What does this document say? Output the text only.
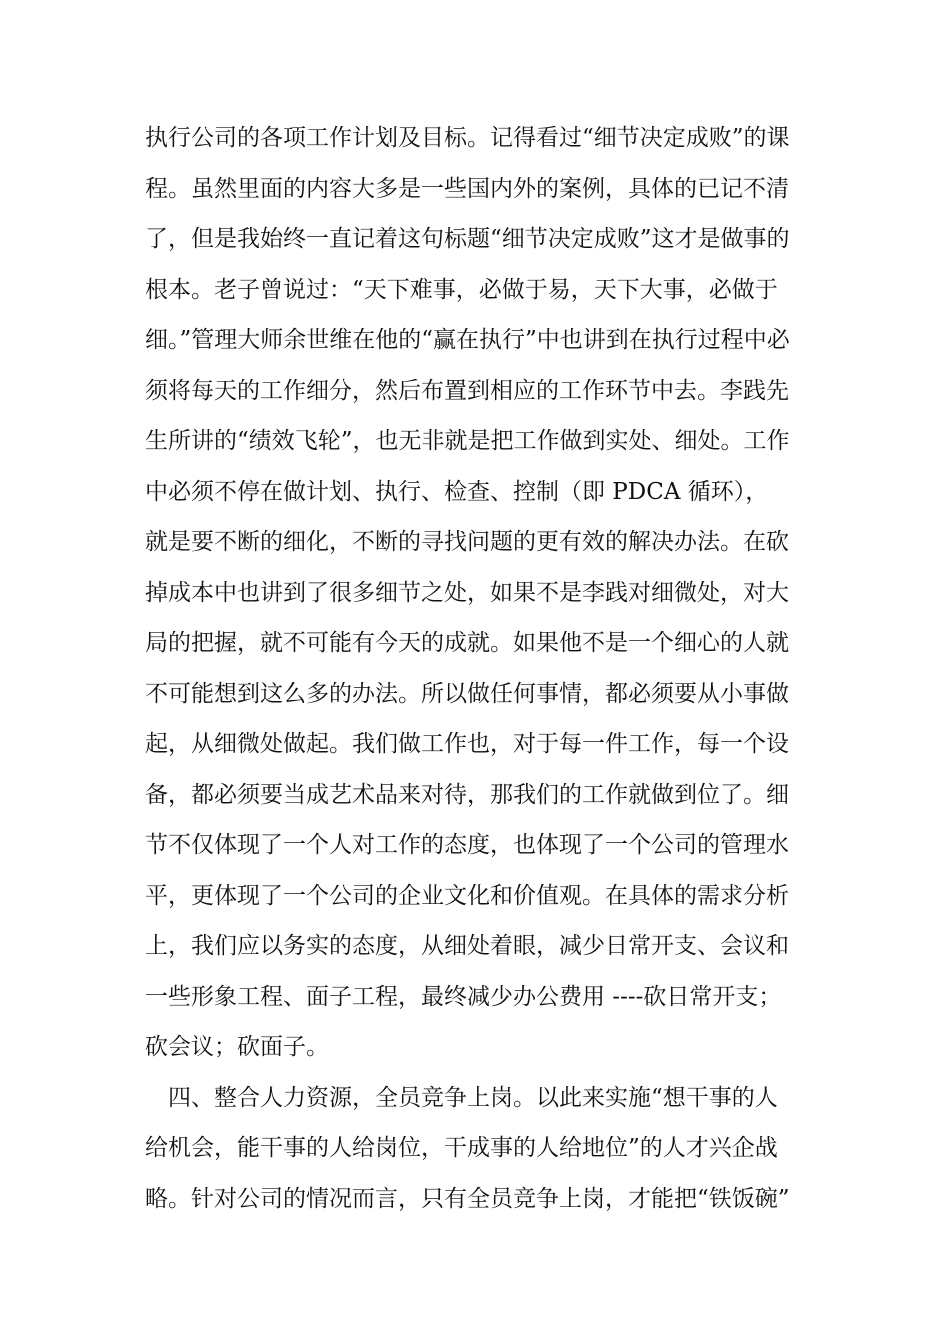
执行公司的各项工作计划及目标。记得看过“细节决定成败”的课
程。虽然里面的内容大多是一些国内外的案例，具体的已记不清
了，但是我始终一直记着这句标题“细节决定成败”这才是做事的
根本。老子曾说过：“天下难事，必做于易，天下大事，必做于
细。”管理大师余世维在他的“赢在执行”中也讲到在执行过程中必
须将每天的工作细分，然后布置到相应的工作环节中去。李践先
生所讲的“绩效飞轮”，也无非就是把工作做到实处、细处。工作
中必须不停在做计划、执行、检查、控制（即 PDCA 循环），
就是要不断的细化，不断的寻找问题的更有效的解决办法。在砍
掉成本中也讲到了很多细节之处，如果不是李践对细微处，对大
局的把握，就不可能有今天的成就。如果他不是一个细心的人就
不可能想到这么多的办法。所以做任何事情，都必须要从小事做
起，从细微处做起。我们做工作也，对于每一件工作，每一个设
备，都必须要当成艺术品来对待，那我们的工作就做到位了。细
节不仅体现了一个人对工作的态度，也体现了一个公司的管理水
平，更体现了一个公司的企业文化和价值观。在具体的需求分析
上，我们应以务实的态度，从细处着眼，减少日常开支、会议和
一些形象工程、面子工程，最终减少办公费用 ----砍日常开支；
砍会议；砍面子。
　四、整合人力资源，全员竞争上岗。以此来实施“想干事的人
给机会，能干事的人给岗位，干成事的人给地位”的人才兴企战
略。针对公司的情况而言，只有全员竞争上岗，才能把“铁饭碗”
